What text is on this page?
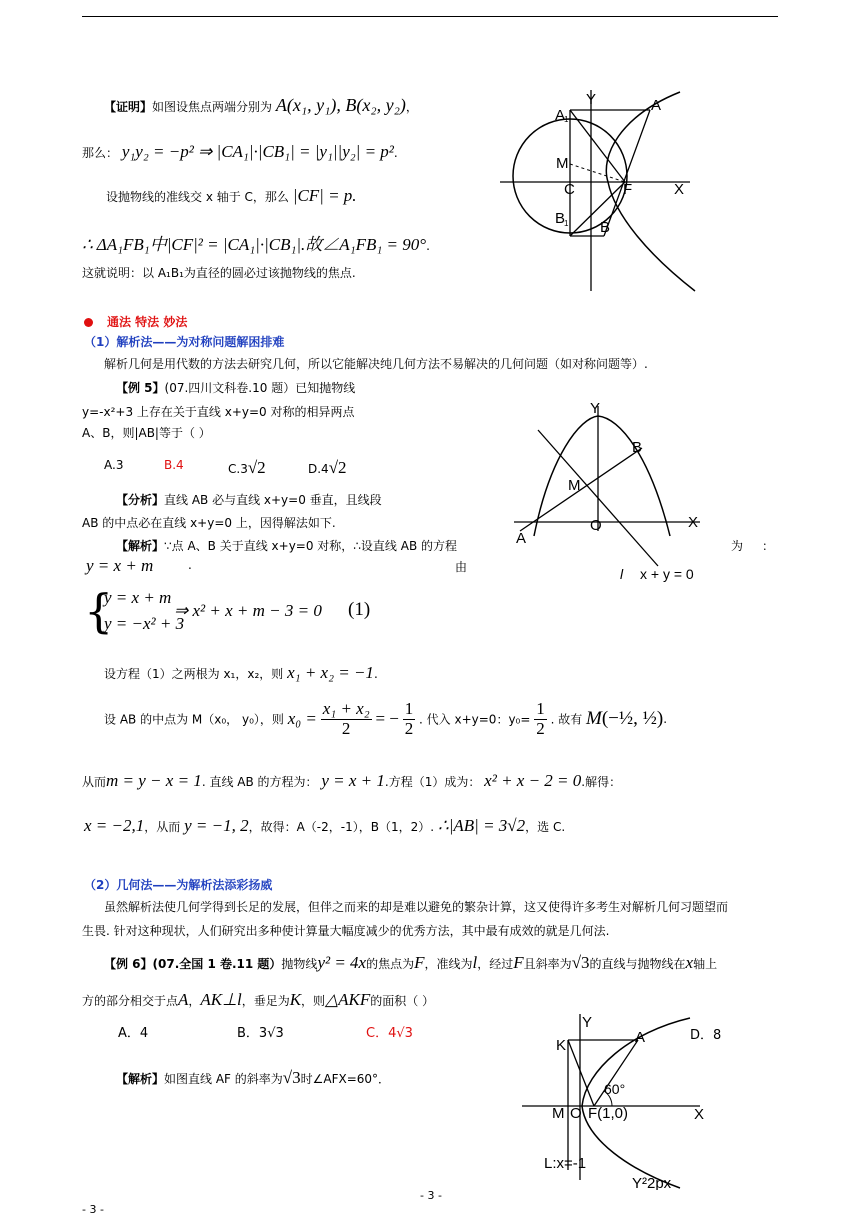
【证明】如图设焦点两端分别为 A(x₁, y₁), B(x₂, y₂)，
那么： y₁y₂ = −p² ⇒ |CA₁|·|CB₁| = |y₁||y₂| = p².
设抛物线的准线交 x 轴于 C，那么 |CF| = p.
∴ ΔA₁FB₁中|CF|² = |CA₁|·|CB₁|.故∠A₁FB₁ = 90°.
这就说明：以 A₁B₁为直径的圆必过该抛物线的焦点.
A
1
Y	A
M
C	F	X
B
1 B
通法 特法 妙法
（1）解析法——为对称问题解困排难
解析几何是用代数的方法去研究几何，所以它能解决纯几何方法不易解决的几何问题（如对称问题等）.
【例 5】(07.四川文科卷.10 题）已知抛物线
y=-x²+3 上存在关于直线 x+y=0 对称的相异两点
A、B，则|AB|等于（ ）
A.3	B.4	C.3√2	D.4√2
【分析】直线 AB 必与直线 x+y=0 垂直，且线段
AB 的中点必在直线 x+y=0 上，因得解法如下.
【解析】∵点 A、B 关于直线 x+y=0 对称，∴设直线 AB 的方程	为 ：
y = x + m	.	由
{
y = x + m
y = −x² + 3
⇒ x² + x + m − 3 = 0 (1)
设方程（1）之两根为 x₁，x₂，则 x₁ + x₂ = −1.
设 AB 的中点为 M（x₀， y₀），则 $x_0 = \frac{\text{x₁ + x₂}}{2}$ = − $\frac{1}{2}$ . 代入 x+y=0：$y_0= \frac{1}{2}$ . 故有 M(−½, ½).
从而m = y − x = 1. 直线 AB 的方程为： y = x + 1.方程（1）成为： x² + x − 2 = 0.解得：
x = −2,1，从而 y = −1, 2，故得：A（-2，-1），B（1，2）. ∴|AB| = 3√2，选 C.
Y
B
M
O	X
A
l x + y = 0
（2）几何法——为解析法添彩扬威
虽然解析法使几何学得到长足的发展，但伴之而来的却是难以避免的繁杂计算，这又使得许多考生对解析几何习题望而
生畏. 针对这种现状，人们研究出多种使计算量大幅度减少的优秀方法，其中最有成效的就是几何法.
【例 6】(07.全国 1 卷.11 题）抛物线y² = 4x的焦点为F，准线为l，经过F且斜率为√3的直线与抛物线在x轴上
方的部分相交于点A，AK⊥l，垂足为K，则△AKF的面积（ ）
A．4	B．3√3	C．4√3	D．8
【解析】如图直线 AF 的斜率为√3时∠AFX=60°．
Y
K	A
60°
M O F(1,0)	X
L:x=-1
Y²2px
- 3 -
- 3 -
